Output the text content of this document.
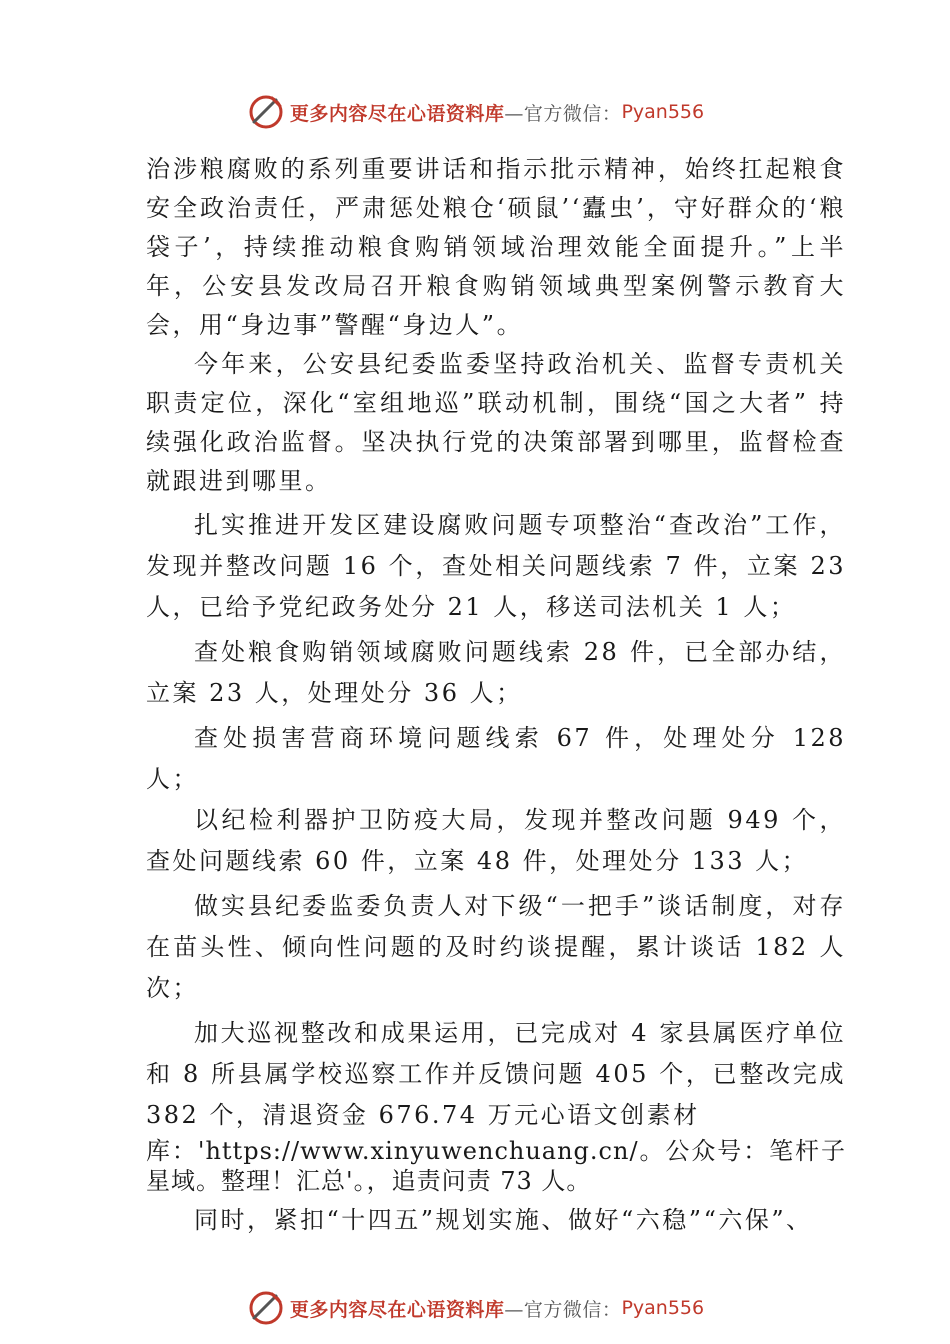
更多内容尽在心语资料库 —官方微信： Pyan556

治涉粮腐败的系列重要讲话和指示批示精神，始终扛起粮食安全政治责任，严肃惩处粮仓‘硕鼠’‘蠹虫’，守好群众的‘粮袋子’，持续推动粮食购销领域治理效能全面提升。”上半年，公安县发改局召开粮食购销领域典型案例警示教育大会，用“身边事”警醒“身边人”。

今年来，公安县纪委监委坚持政治机关、监督专责机关职责定位，深化“室组地巡”联动机制，围绕“国之大者” 持续强化政治监督。坚决执行党的决策部署到哪里，监督检查就跟进到哪里。

扎实推进开发区建设腐败问题专项整治“查改治”工作，发现并整改问题 16 个，查处相关问题线索 7 件，立案 23 人，已给予党纪政务处分 21 人，移送司法机关 1 人；

查处粮食购销领域腐败问题线索 28 件，已全部办结，立案 23 人，处理处分 36 人；

查处损害营商环境问题线索 67 件，处理处分 128 人；

以纪检利器护卫防疫大局，发现并整改问题 949 个，查处问题线索 60 件，立案 48 件，处理处分 133 人；

做实县纪委监委负责人对下级“一把手”谈话制度，对存在苗头性、倾向性问题的及时约谈提醒，累计谈话 182 人次；

加大巡视整改和成果运用，已完成对 4 家县属医疗单位和 8 所县属学校巡察工作并反馈问题 405 个，已整改完成 382 个，清退资金 676.74 万元心语文创素材

库：'https://www.xinyuwenchuang.cn/。公众号：笔杆子星域。整理！汇总'。，追责问责 73 人。

同时，紧扣“十四五”规划实施、做好“六稳”“六保”、

更多内容尽在心语资料库 —官方微信： Pyan556
